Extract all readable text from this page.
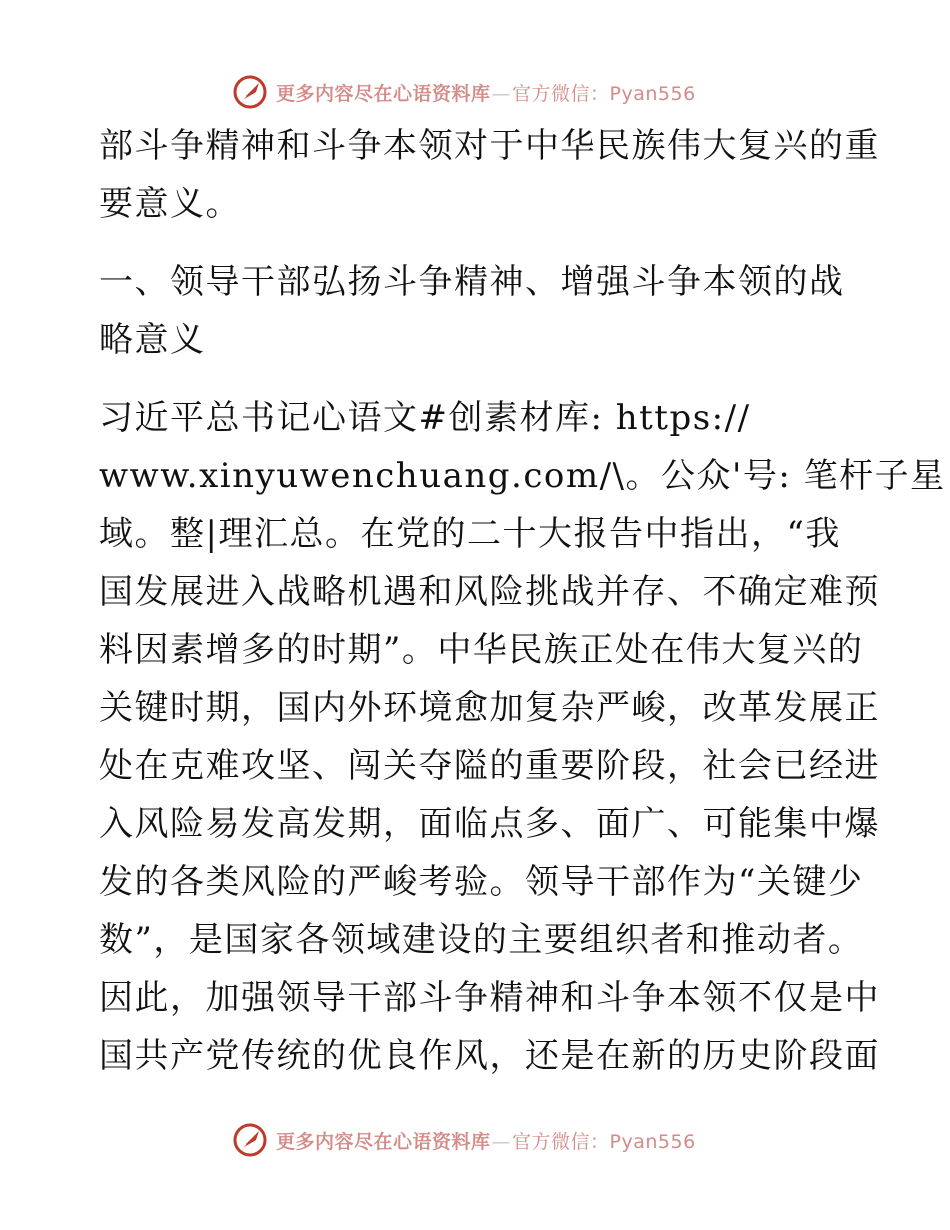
更多内容尽在心语资料库—官方微信：Pyan556

部斗争精神和斗争本领对于中华民族伟大复兴的重
要意义。

一、领导干部弘扬斗争精神、增强斗争本领的战
略意义

习近平总书记心语文#创素材库: https://
www.xinyuwenchuang.com/\。公众'号: 笔杆子星
域。整|理汇总。在党的二十大报告中指出，“我
国发展进入战略机遇和风险挑战并存、不确定难预
料因素增多的时期”。中华民族正处在伟大复兴的
关键时期，国内外环境愈加复杂严峻，改革发展正
处在克难攻坚、闯关夺隘的重要阶段，社会已经进
入风险易发高发期，面临点多、面广、可能集中爆
发的各类风险的严峻考验。领导干部作为“关键少
数”，是国家各领域建设的主要组织者和推动者。
因此，加强领导干部斗争精神和斗争本领不仅是中
国共产党传统的优良作风，还是在新的历史阶段面

更多内容尽在心语资料库—官方微信：Pyan556
